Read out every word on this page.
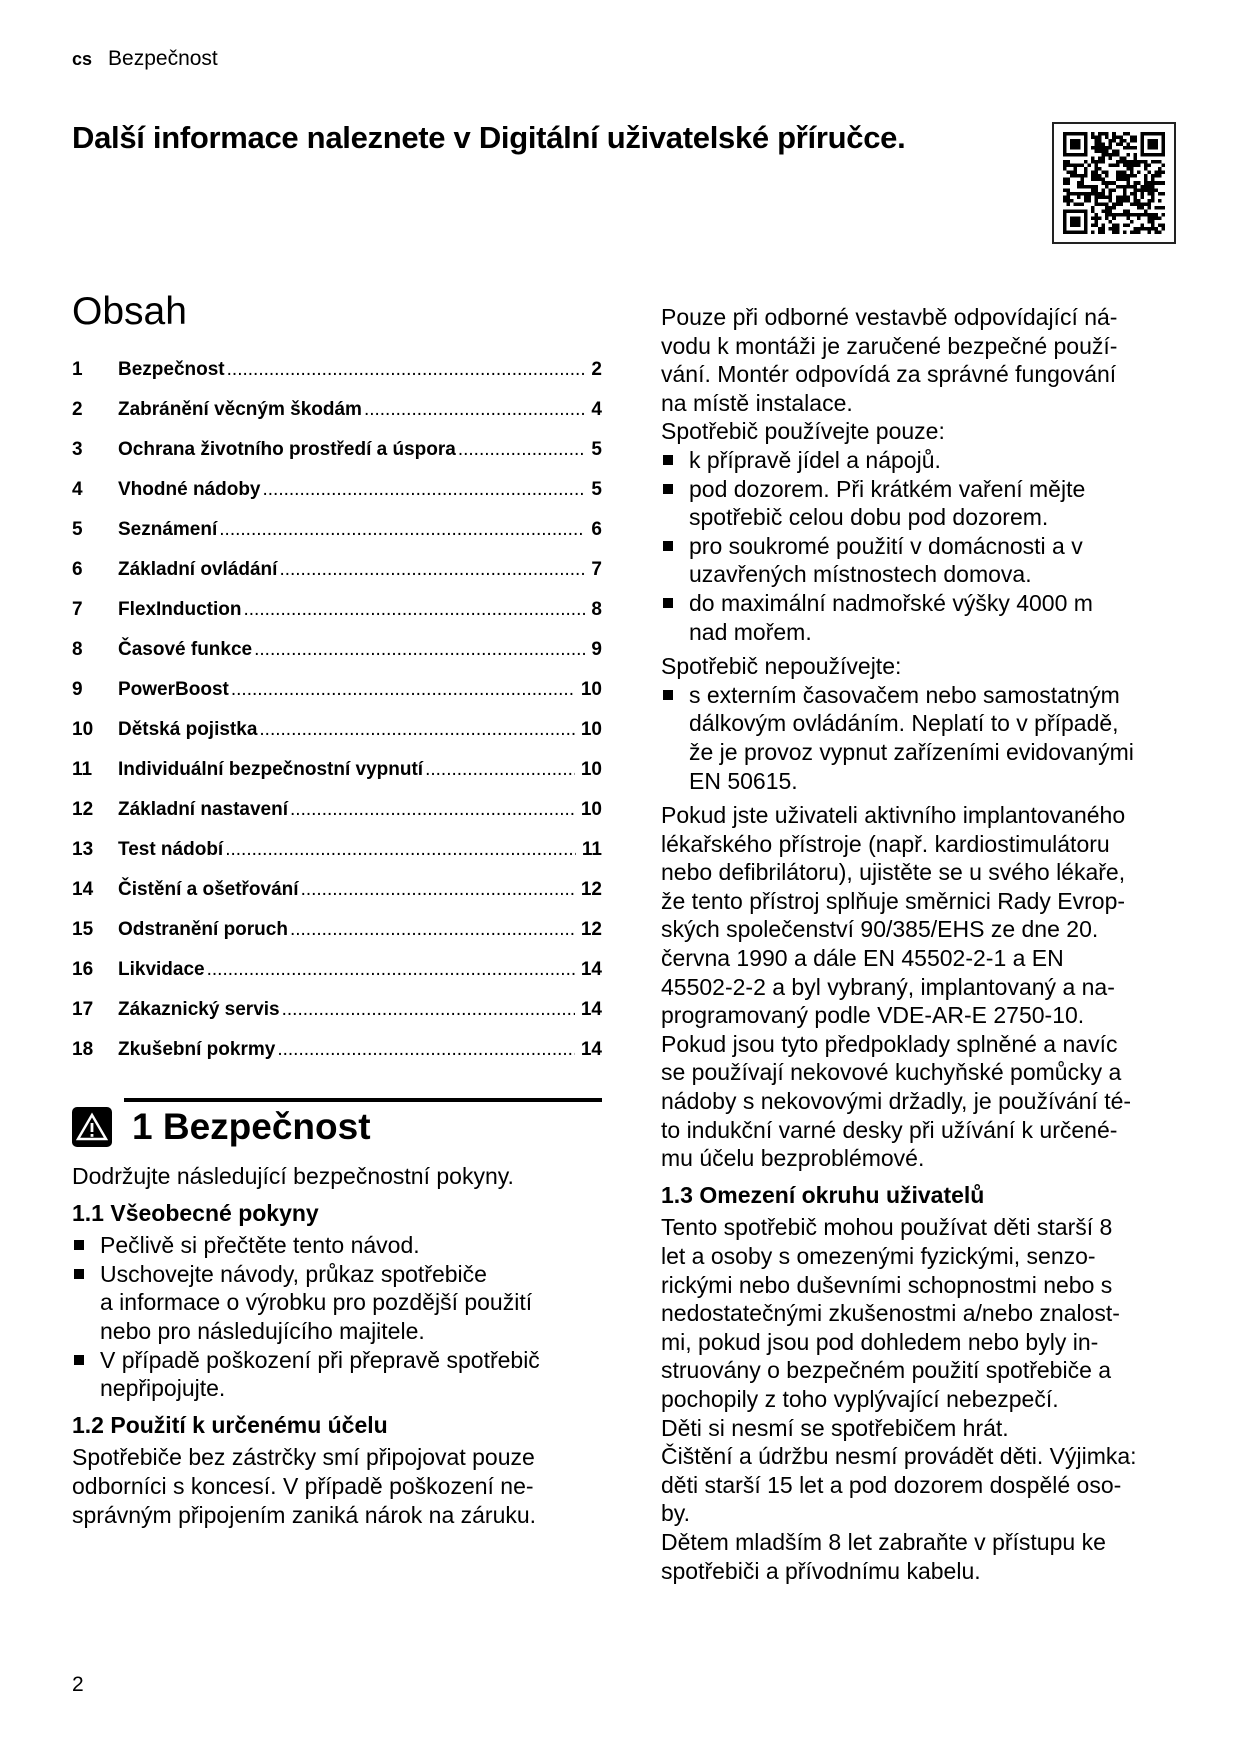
cs Bezpečnost
Další informace naleznete v Digitální uživatelské příručce.
Obsah
1	Bezpečnost .....	2
2	Zabránění věcným škodám .....	4
3	Ochrana životního prostředí a úspora .....	5
4	Vhodné nádoby .....	5
5	Seznámení .....	6
6	Základní ovládání .....	7
7	FlexInduction .....	8
8	Časové funkce .....	9
9	PowerBoost .....	10
10	Dětská pojistka .....	10
11	Individuální bezpečnostní vypnutí .....	10
12	Základní nastavení .....	10
13	Test nádobí .....	11
14	Čistění a ošetřování .....	12
15	Odstranění poruch .....	12
16	Likvidace .....	14
17	Zákaznický servis .....	14
18	Zkušební pokrmy .....	14
1 Bezpečnost

Dodržujte následující bezpečnostní pokyny.

1.1 Všeobecné pokyny
Pečlivě si přečtěte tento návod.
Uschovejte návody, průkaz spotřebiče
a informace o výrobku pro pozdější použití
nebo pro následujícího majitele.
V případě poškození při přepravě spotřebič
nepřipojujte.
1.2 Použití k určenému účelu

Spotřebiče bez zástrčky smí připojovat pouze
odborníci s koncesí. V případě poškození ne-
správným připojením zaniká nárok na záruku.

Pouze při odborné vestavbě odpovídající ná-
vodu k montáži je zaručené bezpečné použí-
vání. Montér odpovídá za správné fungování
na místě instalace.
Spotřebič používejte pouze:

k přípravě jídel a nápojů.
pod dozorem. Při krátkém vaření mějte
spotřebič celou dobu pod dozorem.
pro soukromé použití v domácnosti a v
uzavřených místnostech domova.
do maximální nadmořské výšky 4000 m
nad mořem.

Spotřebič nepoužívejte:

s externím časovačem nebo samostatným
dálkovým ovládáním. Neplatí to v případě,
že je provoz vypnut zařízeními evidovanými
EN 50615.

Pokud jste uživateli aktivního implantovaného
lékařského přístroje (např. kardiostimulátoru
nebo defibrilátoru), ujistěte se u svého lékaře,
že tento přístroj splňuje směrnici Rady Evrop-
ských společenství 90/385/EHS ze dne 20.
června 1990 a dále EN 45502-2-1 a EN
45502-2-2 a byl vybraný, implantovaný a na-
programovaný podle VDE-AR-E 2750-10.
Pokud jsou tyto předpoklady splněné a navíc
se používají nekovové kuchyňské pomůcky a
nádoby s nekovovými držadly, je používání té-
to indukční varné desky při užívání k určené-
mu účelu bezproblémové.

1.3 Omezení okruhu uživatelů

Tento spotřebič mohou používat děti starší 8
let a osoby s omezenými fyzickými, senzo-
rickými nebo duševními schopnostmi nebo s
nedostatečnými zkušenostmi a/nebo znalost-
mi, pokud jsou pod dohledem nebo byly in-
struovány o bezpečném použití spotřebiče a
pochopily z toho vyplývající nebezpečí.
Děti si nesmí se spotřebičem hrát.
Čištění a údržbu nesmí provádět děti. Výjimka:
děti starší 15 let a pod dozorem dospělé oso-
by.
Dětem mladším 8 let zabraňte v přístupu ke
spotřebiči a přívodnímu kabelu.

2
